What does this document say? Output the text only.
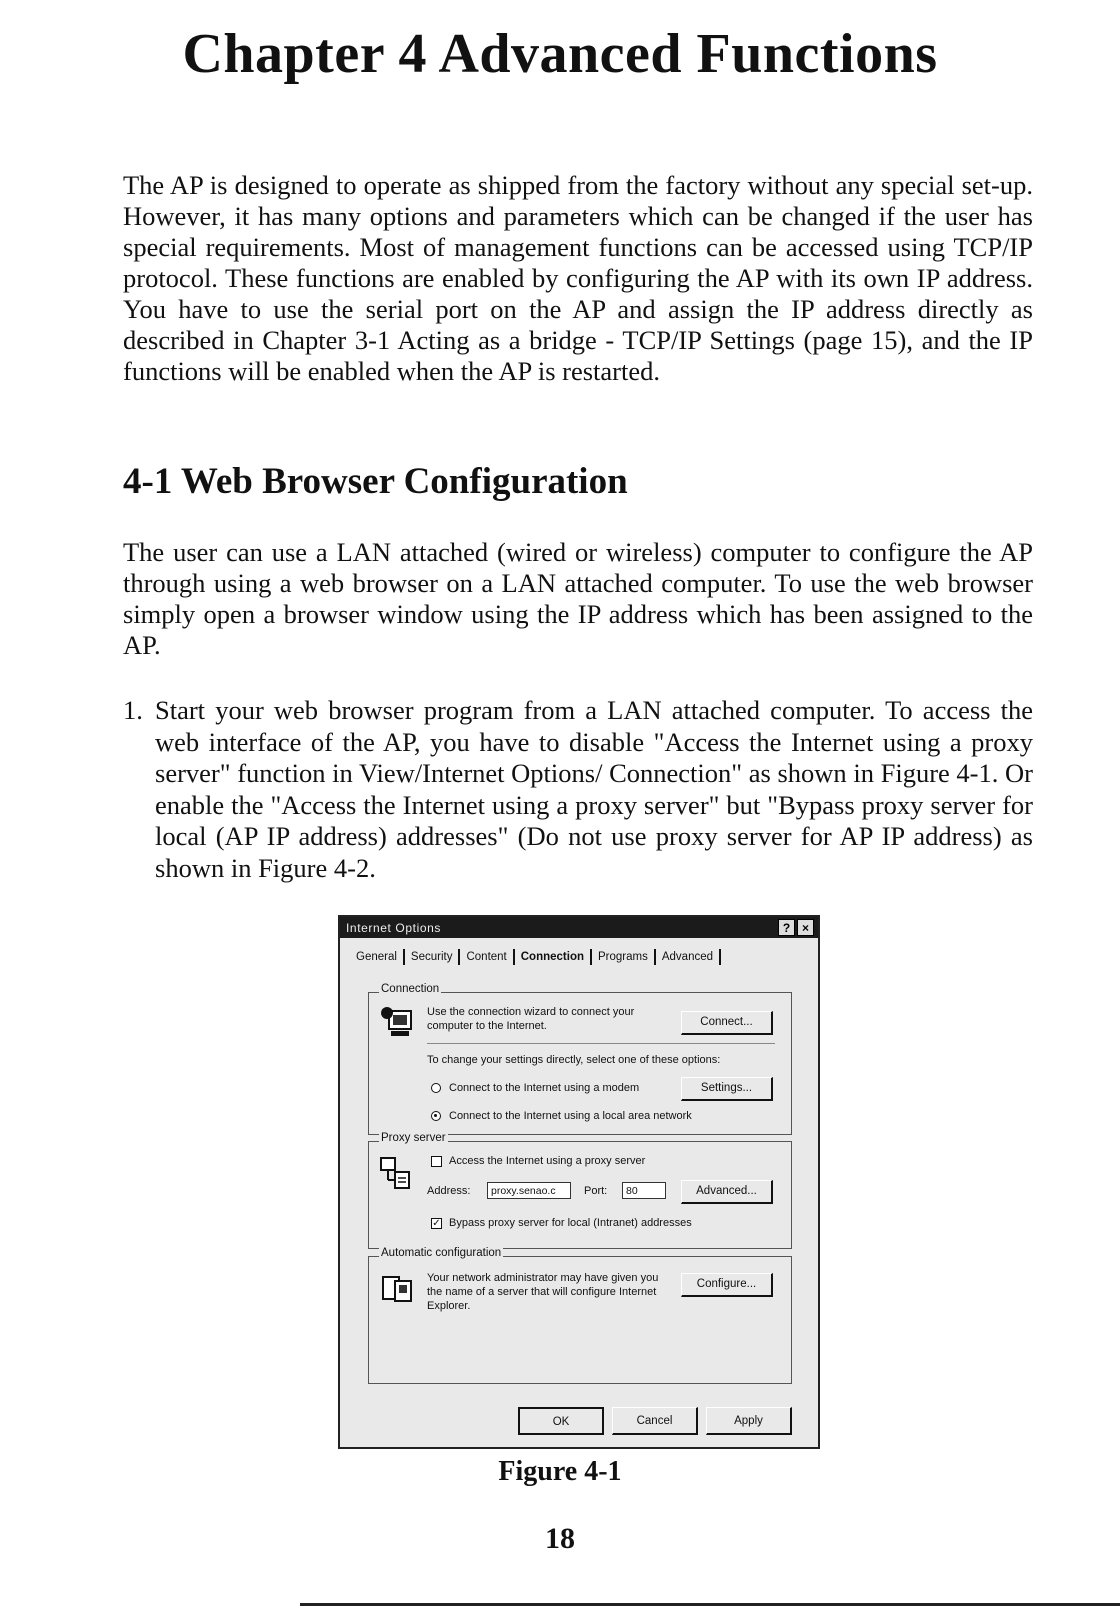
Chapter 4 Advanced Functions

The AP is designed to operate as shipped from the factory without any special set-up. However, it has many options and parameters which can be changed if the user has special requirements. Most of management functions can be accessed using TCP/IP protocol. These functions are enabled by configuring the AP with its own IP address. You have to use the serial port on the AP and assign the IP address directly as described in Chapter 3-1 Acting as a bridge - TCP/IP Settings (page 15), and the IP functions will be enabled when the AP is restarted.

4-1 Web Browser Configuration

The user can use a LAN attached (wired or wireless) computer to configure the AP through using a web browser on a LAN attached computer. To use the web browser simply open a browser window using the IP address which has been assigned to the AP.

1. Start your web browser program from a LAN attached computer. To access the web interface of the AP, you have to disable "Access the Internet using a proxy server" function in View/Internet Options/ Connection" as shown in Figure 4-1. Or enable the "Access the Internet using a proxy server" but "Bypass proxy server for local (AP IP address) addresses" (Do not use proxy server for AP IP address) as shown in Figure 4-2.
Internet Options	? ×
General	Security	Content	Connection	Programs	Advanced
Connection
Use the connection wizard to connect your computer to the Internet.	Connect...
To change your settings directly, select one of these options:
Connect to the Internet using a modem	Settings...
Connect to the Internet using a local area network
Proxy server
Access the Internet using a proxy server
Address:	proxy.senao.c	Port:	80	Advanced...
✓ Bypass proxy server for local (Intranet) addresses
Automatic configuration
Your network administrator may have given you the name of a server that will configure Internet Explorer.
Configure...
OK	Cancel	Apply
Figure 4-1
18
